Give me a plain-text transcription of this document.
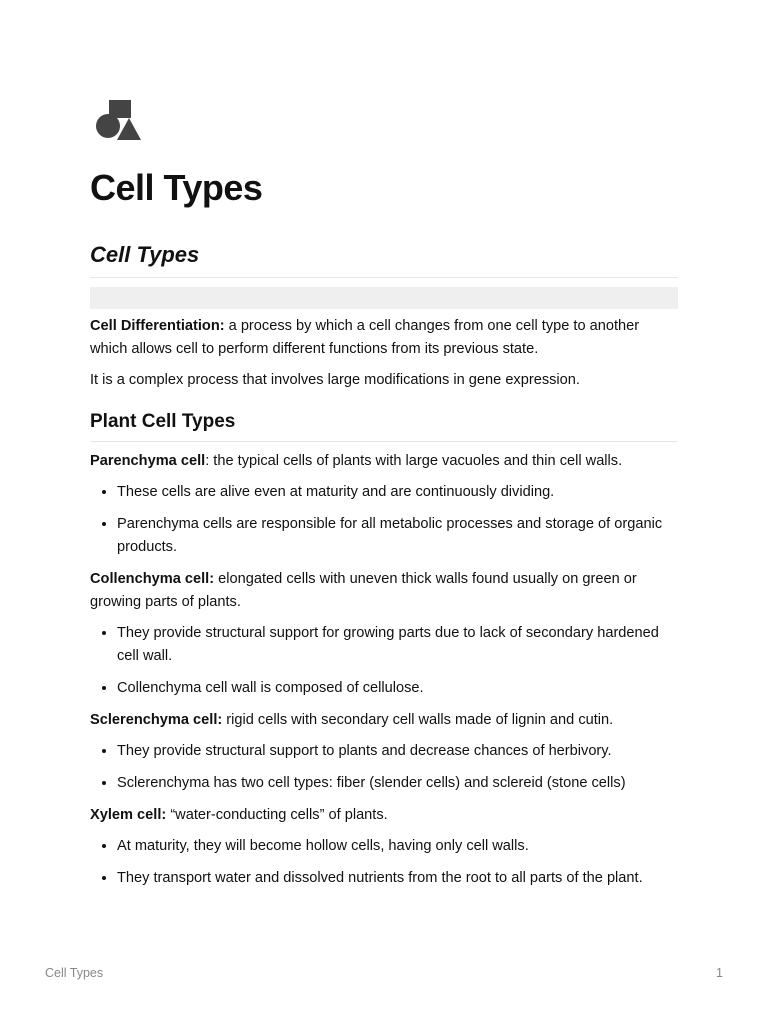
Cell Types
Cell Types

Cell Differentiation: a process by which a cell changes from one cell type to another which allows cell to perform different functions from its previous state.

It is a complex process that involves large modifications in gene expression.

Plant Cell Types

Parenchyma cell: the typical cells of plants with large vacuoles and thin cell walls.

• These cells are alive even at maturity and are continuously dividing.
• Parenchyma cells are responsible for all metabolic processes and storage of organic products.

Collenchyma cell: elongated cells with uneven thick walls found usually on green or growing parts of plants.

• They provide structural support for growing parts due to lack of secondary hardened cell wall.
• Collenchyma cell wall is composed of cellulose.

Sclerenchyma cell: rigid cells with secondary cell walls made of lignin and cutin.

• They provide structural support to plants and decrease chances of herbivory.
• Sclerenchyma has two cell types: fiber (slender cells) and sclereid (stone cells)

Xylem cell: “water-conducting cells” of plants.

• At maturity, they will become hollow cells, having only cell walls.
• They transport water and dissolved nutrients from the root to all parts of the plant.
Cell Types	1
